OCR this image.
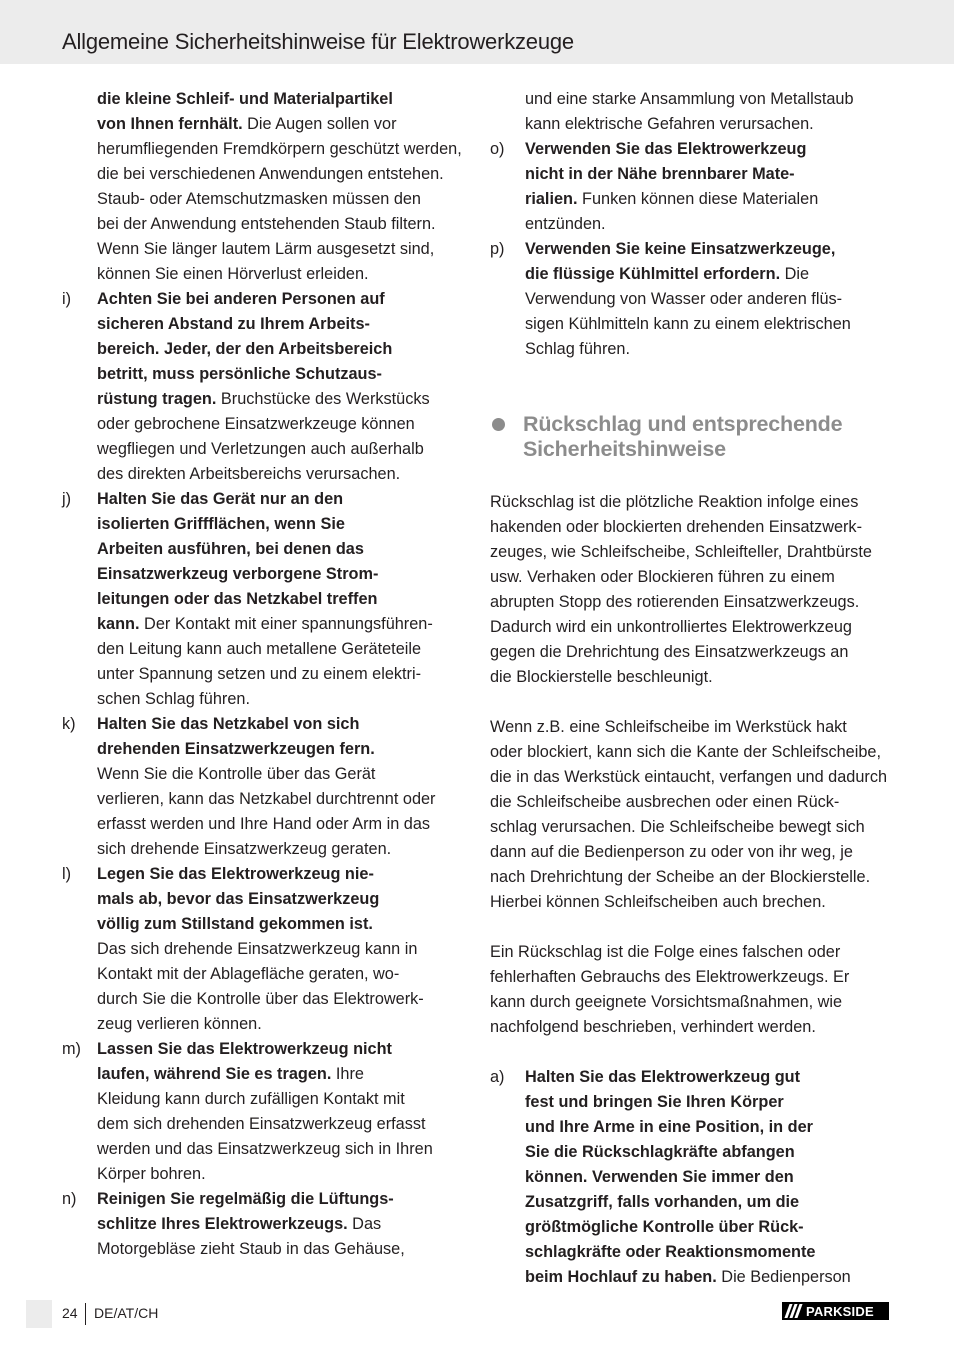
Allgemeine Sicherheitshinweise für Elektrowerkzeuge
die kleine Schleif- und Materialpartikel
von Ihnen fernhält. Die Augen sollen vor
herumfliegenden Fremdkörpern geschützt werden,
die bei verschiedenen Anwendungen entstehen.
Staub- oder Atemschutzmasken müssen den
bei der Anwendung entstehenden Staub filtern.
Wenn Sie länger lautem Lärm ausgesetzt sind,
können Sie einen Hörverlust erleiden.
i) Achten Sie bei anderen Personen auf
sicheren Abstand zu Ihrem Arbeits-
bereich. Jeder, der den Arbeitsbereich
betritt, muss persönliche Schutzaus-
rüstung tragen. Bruchstücke des Werkstücks
oder gebrochene Einsatzwerkzeuge können
wegfliegen und Verletzungen auch außerhalb
des direkten Arbeitsbereichs verursachen.
j) Halten Sie das Gerät nur an den
isolierten Griffflächen, wenn Sie
Arbeiten ausführen, bei denen das
Einsatzwerkzeug verborgene Strom-
leitungen oder das Netzkabel treffen
kann. Der Kontakt mit einer spannungsführen-
den Leitung kann auch metallene Geräteteile
unter Spannung setzen und zu einem elektri-
schen Schlag führen.
k) Halten Sie das Netzkabel von sich
drehenden Einsatzwerkzeugen fern.
Wenn Sie die Kontrolle über das Gerät
verlieren, kann das Netzkabel durchtrennt oder
erfasst werden und Ihre Hand oder Arm in das
sich drehende Einsatzwerkzeug geraten.
l) Legen Sie das Elektrowerkzeug nie-
mals ab, bevor das Einsatzwerkzeug
völlig zum Stillstand gekommen ist.
Das sich drehende Einsatzwerkzeug kann in
Kontakt mit der Ablagefläche geraten, wo-
durch Sie die Kontrolle über das Elektrowerk-
zeug verlieren können.
m) Lassen Sie das Elektrowerkzeug nicht
laufen, während Sie es tragen. Ihre
Kleidung kann durch zufälligen Kontakt mit
dem sich drehenden Einsatzwerkzeug erfasst
werden und das Einsatzwerkzeug sich in Ihren
Körper bohren.
n) Reinigen Sie regelmäßig die Lüftungs-
schlitze Ihres Elektrowerkzeugs. Das
Motorgebläse zieht Staub in das Gehäuse,
und eine starke Ansammlung von Metallstaub
kann elektrische Gefahren verursachen.
o) Verwenden Sie das Elektrowerkzeug
nicht in der Nähe brennbarer Mate-
rialien. Funken können diese Materialen
entzünden.
p) Verwenden Sie keine Einsatzwerkzeuge,
die flüssige Kühlmittel erfordern. Die
Verwendung von Wasser oder anderen flüs-
sigen Kühlmitteln kann zu einem elektrischen
Schlag führen.
Rückschlag und entsprechende
Sicherheitshinweise
Rückschlag ist die plötzliche Reaktion infolge eines
hakenden oder blockierten drehenden Einsatzwerk-
zeuges, wie Schleifscheibe, Schleifteller, Drahtbürste
usw. Verhaken oder Blockieren führen zu einem
abrupten Stopp des rotierenden Einsatzwerkzeugs.
Dadurch wird ein unkontrolliertes Elektrowerkzeug
gegen die Drehrichtung des Einsatzwerkzeugs an
die Blockierstelle beschleunigt.
Wenn z.B. eine Schleifscheibe im Werkstück hakt
oder blockiert, kann sich die Kante der Schleifscheibe,
die in das Werkstück eintaucht, verfangen und dadurch
die Schleifscheibe ausbrechen oder einen Rück-
schlag verursachen. Die Schleifscheibe bewegt sich
dann auf die Bedienperson zu oder von ihr weg, je
nach Drehrichtung der Scheibe an der Blockierstelle.
Hierbei können Schleifscheiben auch brechen.
Ein Rückschlag ist die Folge eines falschen oder
fehlerhaften Gebrauchs des Elektrowerkzeugs. Er
kann durch geeignete Vorsichtsmaßnahmen, wie
nachfolgend beschrieben, verhindert werden.
a) Halten Sie das Elektrowerkzeug gut
fest und bringen Sie Ihren Körper
und Ihre Arme in eine Position, in der
Sie die Rückschlagkräfte abfangen
können. Verwenden Sie immer den
Zusatzgriff, falls vorhanden, um die
größtmögliche Kontrolle über Rück-
schlagkräfte oder Reaktionsmomente
beim Hochlauf zu haben. Die Bedienperson
24 DE/AT/CH	PARKSIDE
